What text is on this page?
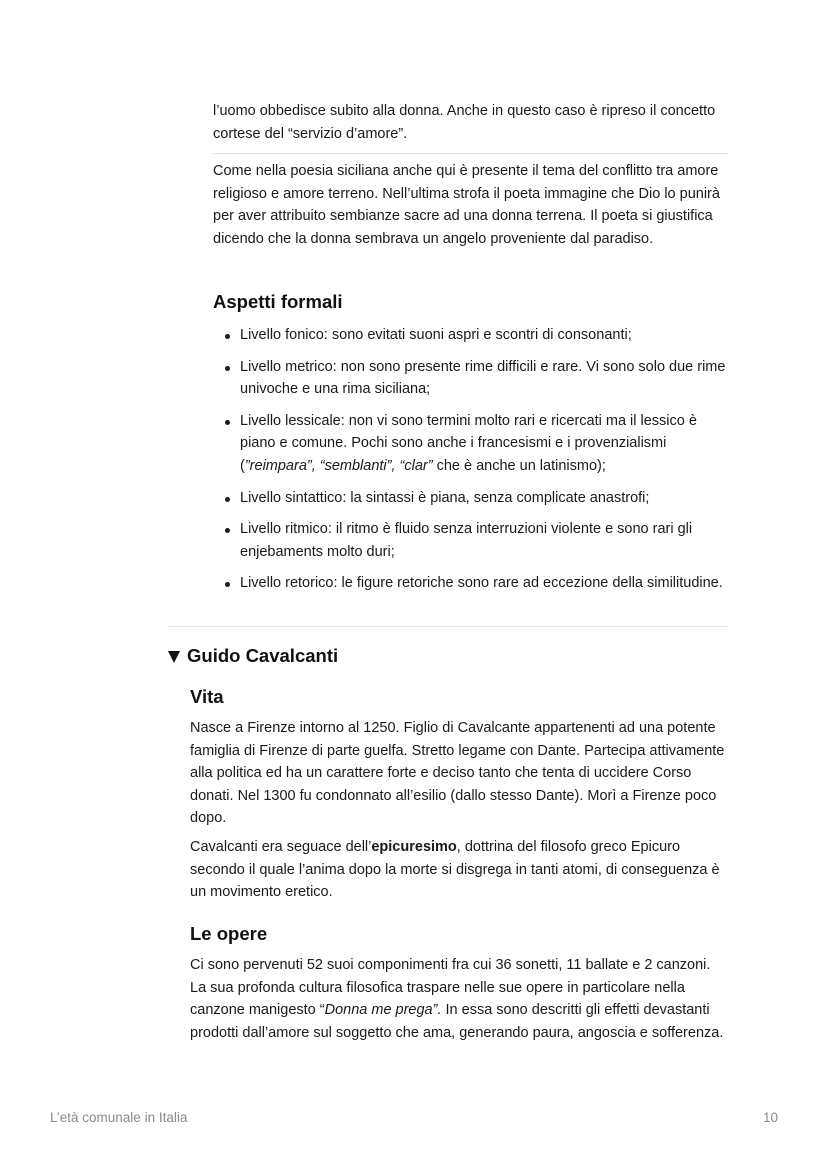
l’uomo obbedisce subito alla donna. Anche in questo caso è ripreso il concetto cortese del “servizio d’amore”.

Come nella poesia siciliana anche qui è presente il tema del conflitto tra amore religioso e amore terreno. Nell’ultima strofa il poeta immagine che Dio lo punirà per aver attribuito sembianze sacre ad una donna terrena. Il poeta si giustifica dicendo che la donna sembrava un angelo proveniente dal paradiso.

Aspetti formali
Livello fonico: sono evitati suoni aspri e scontri di consonanti;
Livello metrico: non sono presente rime difficili e rare. Vi sono solo due rime univoche e una rima siciliana;
Livello lessicale: non vi sono termini molto rari e ricercati ma il lessico è piano e comune. Pochi sono anche i francesismi e i provenzialismi (”reimpara”, “semblanti”, “clar” che è anche un latinismo);
Livello sintattico: la sintassi è piana, senza complicate anastrofi;
Livello ritmico: il ritmo è fluido senza interruzioni violente e sono rari gli enjebaments molto duri;
Livello retorico: le figure retoriche sono rare ad eccezione della similitudine.
Guido Cavalcanti
Vita

Nasce a Firenze intorno al 1250. Figlio di Cavalcante appartenenti ad una potente famiglia di Firenze di parte guelfa. Stretto legame con Dante. Partecipa attivamente alla politica ed ha un carattere forte e deciso tanto che tenta di uccidere Corso donati. Nel 1300 fu condonnato all’esilio (dallo stesso Dante). Morì a Firenze poco dopo.

Cavalcanti era seguace dell’epicuresimo, dottrina del filosofo greco Epicuro secondo il quale l’anima dopo la morte si disgrega in tanti atomi, di conseguenza è un movimento eretico.

Le opere

Ci sono pervenuti 52 suoi componimenti fra cui 36 sonetti, 11 ballate e 2 canzoni. La sua profonda cultura filosofica traspare nelle sue opere in particolare nella canzone manigesto “Donna me prega”. In essa sono descritti gli effetti devastanti prodotti dall’amore sul soggetto che ama, generando paura, angoscia e sofferenza.

L’età comunale in Italia	10
